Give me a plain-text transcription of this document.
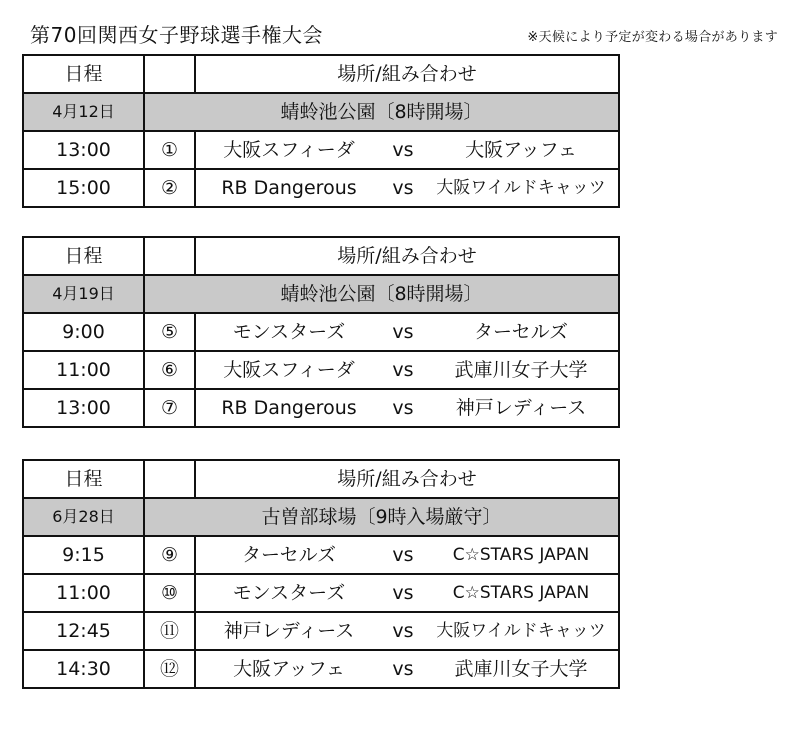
第70回関西女子野球選手権大会	※天候により予定が変わる場合があります
日程		場所/組み合わせ
4月12日	蜻蛉池公園〔8時開場〕	
13:00	①	大阪スフィーダ vs 大阪アッフェ

15:00	②	RB Dangerous vs 大阪ワイルドキャッツ
日程		場所/組み合わせ
4月19日	蜻蛉池公園〔8時開場〕	
9:00	⑤	モンスターズ vs ターセルズ

11:00	⑥	大阪スフィーダ vs 武庫川女子大学

13:00	⑦	RB Dangerous vs 神戸レディース
日程		場所/組み合わせ
6月28日	古曽部球場〔9時入場厳守〕	
9:15	⑨	ターセルズ vs C☆STARS JAPAN

11:00	⑩	モンスターズ vs C☆STARS JAPAN

12:45	⑪	神戸レディース vs 大阪ワイルドキャッツ

14:30	⑫	大阪アッフェ vs 武庫川女子大学
